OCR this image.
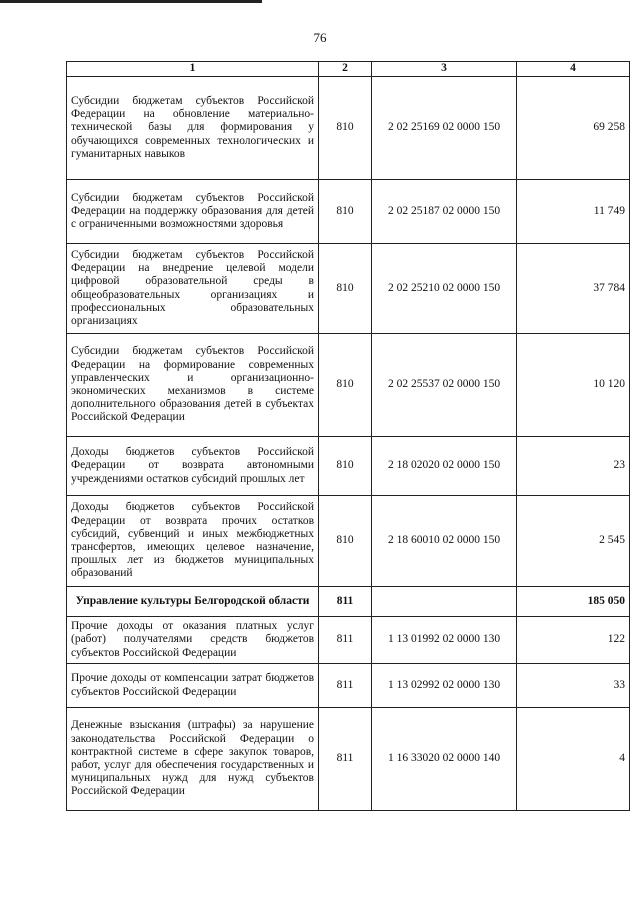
76
1	2	3	4
Субсидии бюджетам субъектов Российской Федерации на обновление материально-технической базы для формирования у обучающихся современных технологических и гуманитарных навыков	810	2 02 25169 02 0000 150	69 258
Субсидии бюджетам субъектов Российской Федерации на поддержку образования для детей с ограниченными возможностями здоровья	810	2 02 25187 02 0000 150	11 749
Субсидии бюджетам субъектов Российской Федерации на внедрение целевой модели цифровой образовательной среды в общеобразовательных организациях и профессиональных образовательных организациях	810	2 02 25210 02 0000 150	37 784
Субсидии бюджетам субъектов Российской Федерации на формирование современных управленческих и организационно-экономических механизмов в системе дополнительного образования детей в субъектах Российской Федерации	810	2 02 25537 02 0000 150	10 120
Доходы бюджетов субъектов Российской Федерации от возврата автономными учреждениями остатков субсидий прошлых лет	810	2 18 02020 02 0000 150	23
Доходы бюджетов субъектов Российской Федерации от возврата прочих остатков субсидий, субвенций и иных межбюджетных трансфертов, имеющих целевое назначение, прошлых лет из бюджетов муниципальных образований	810	2 18 60010 02 0000 150	2 545
Управление культуры Белгородской области	811		185 050
Прочие доходы от оказания платных услуг (работ) получателями средств бюджетов субъектов Российской Федерации	811	1 13 01992 02 0000 130	122
Прочие доходы от компенсации затрат бюджетов субъектов Российской Федерации	811	1 13 02992 02 0000 130	33
Денежные взыскания (штрафы) за нарушение законодательства Российской Федерации о контрактной системе в сфере закупок товаров, работ, услуг для обеспечения государственных и муниципальных нужд для нужд субъектов Российской Федерации	811	1 16 33020 02 0000 140	4
